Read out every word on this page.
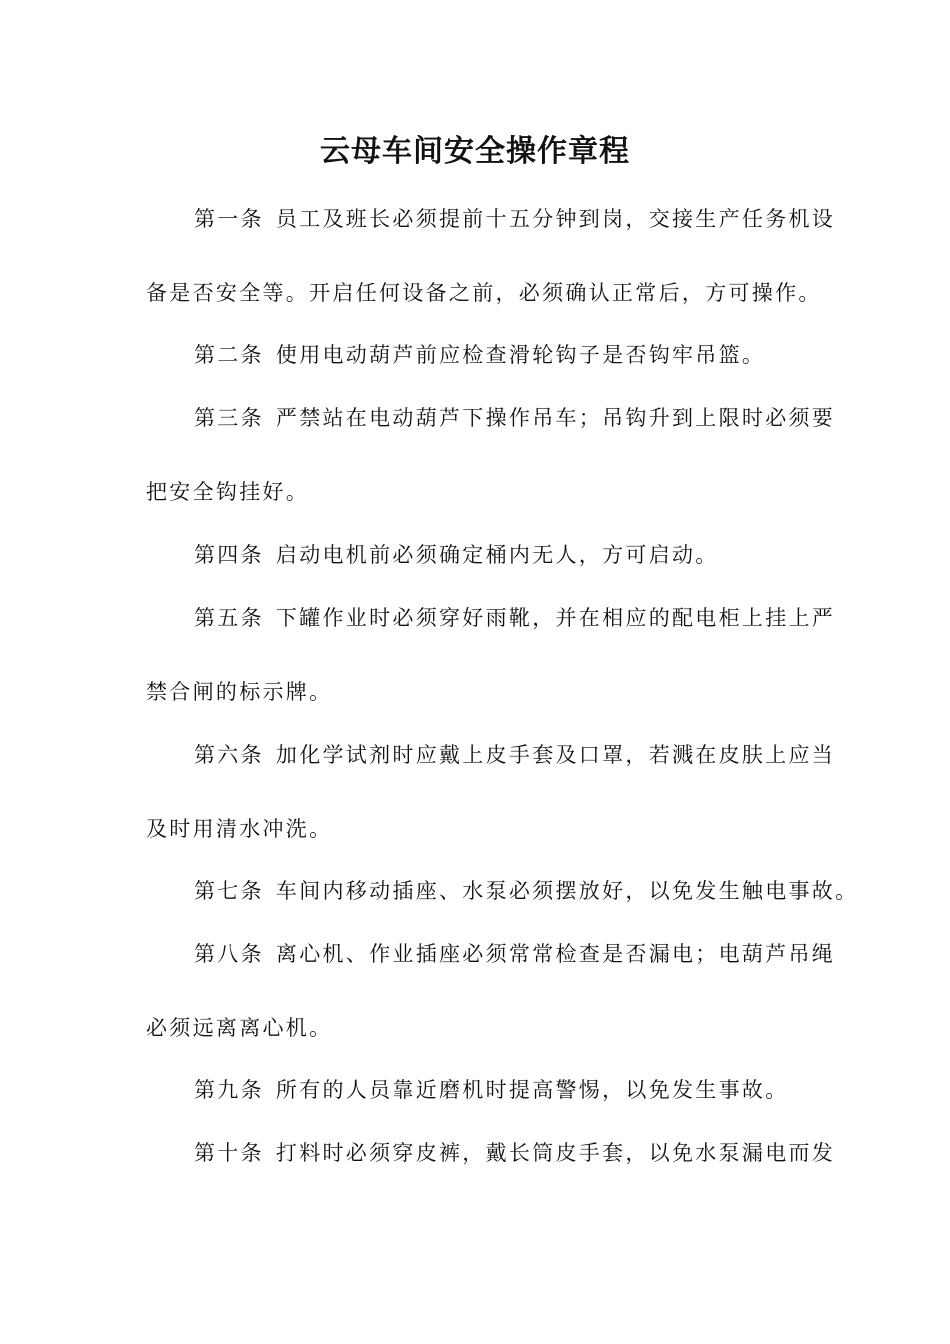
云母车间安全操作章程
第一条 员工及班长必须提前十五分钟到岗，交接生产任务机设
备是否安全等。开启任何设备之前，必须确认正常后，方可操作。
第二条 使用电动葫芦前应检查滑轮钩子是否钩牢吊篮。
第三条 严禁站在电动葫芦下操作吊车；吊钩升到上限时必须要
把安全钩挂好。
第四条 启动电机前必须确定桶内无人，方可启动。
第五条 下罐作业时必须穿好雨靴，并在相应的配电柜上挂上严
禁合闸的标示牌。
第六条 加化学试剂时应戴上皮手套及口罩，若溅在皮肤上应当
及时用清水冲洗。
第七条 车间内移动插座、水泵必须摆放好，以免发生触电事故。
第八条 离心机、作业插座必须常常检查是否漏电；电葫芦吊绳
必须远离离心机。
第九条 所有的人员靠近磨机时提高警惕，以免发生事故。
第十条 打料时必须穿皮裤，戴长筒皮手套，以免水泵漏电而发
